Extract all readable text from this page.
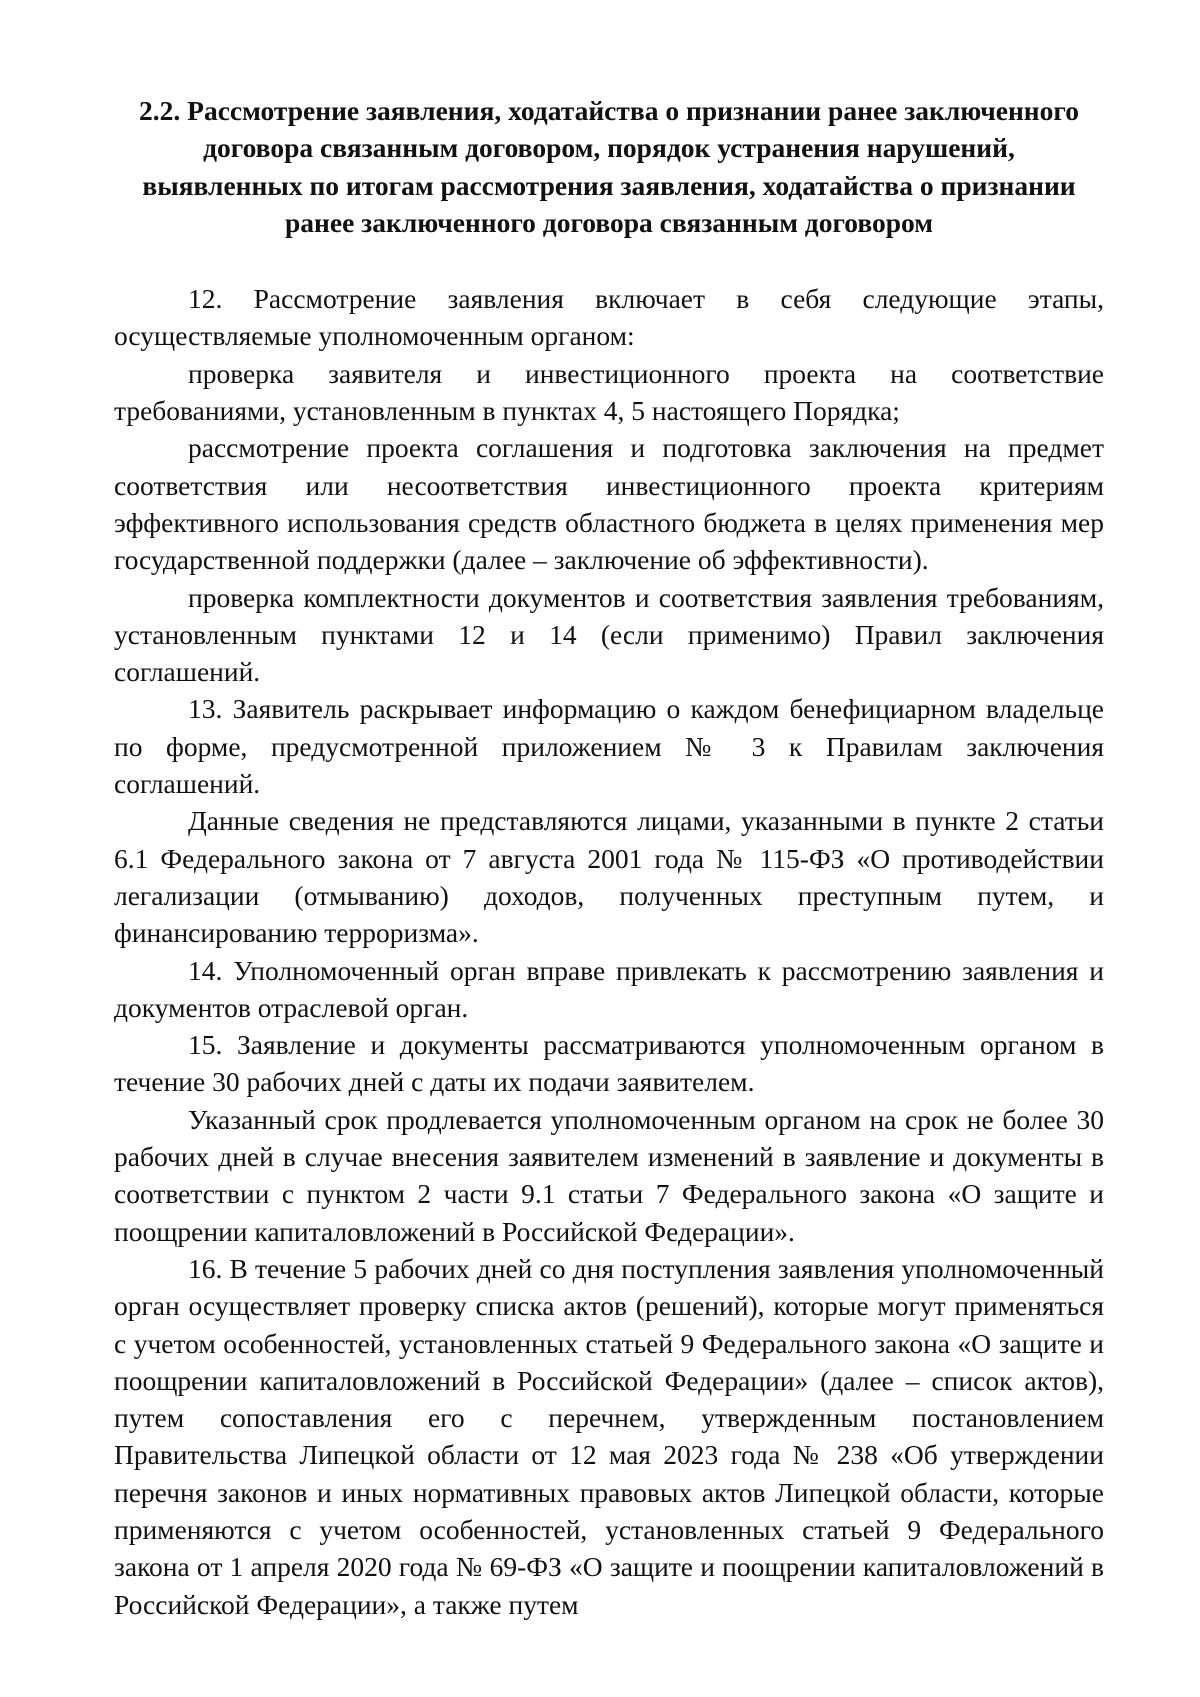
2.2. Рассмотрение заявления, ходатайства о признании ранее заключенного
договора связанным договором, порядок устранения нарушений,
выявленных по итогам рассмотрения заявления, ходатайства о признании
ранее заключенного договора связанным договором

12. Рассмотрение заявления включает в себя следующие этапы, осуществляемые уполномоченным органом:

проверка заявителя и инвестиционного проекта на соответствие требованиями, установленным в пунктах 4, 5 настоящего Порядка;

рассмотрение проекта соглашения и подготовка заключения на предмет соответствия или несоответствия инвестиционного проекта критериям эффективного использования средств областного бюджета в целях применения мер государственной поддержки (далее – заключение об эффективности).

проверка комплектности документов и соответствия заявления требованиям, установленным пунктами 12 и 14 (если применимо) Правил заключения соглашений.

13. Заявитель раскрывает информацию о каждом бенефициарном владельце по форме, предусмотренной приложением № 3 к Правилам заключения соглашений.

Данные сведения не представляются лицами, указанными в пункте 2 статьи 6.1 Федерального закона от 7 августа 2001 года № 115-ФЗ «О противодействии легализации (отмыванию) доходов, полученных преступным путем, и финансированию терроризма».

14. Уполномоченный орган вправе привлекать к рассмотрению заявления и документов отраслевой орган.

15. Заявление и документы рассматриваются уполномоченным органом в течение 30 рабочих дней с даты их подачи заявителем.

Указанный срок продлевается уполномоченным органом на срок не более 30 рабочих дней в случае внесения заявителем изменений в заявление и документы в соответствии с пунктом 2 части 9.1 статьи 7 Федерального закона «О защите и поощрении капиталовложений в Российской Федерации».

16. В течение 5 рабочих дней со дня поступления заявления уполномоченный орган осуществляет проверку списка актов (решений), которые могут применяться с учетом особенностей, установленных статьей 9 Федерального закона «О защите и поощрении капиталовложений в Российской Федерации» (далее – список актов), путем сопоставления его с перечнем, утвержденным постановлением Правительства Липецкой области от 12 мая 2023 года № 238 «Об утверждении перечня законов и иных нормативных правовых актов Липецкой области, которые применяются с учетом особенностей, установленных статьей 9 Федерального закона от 1 апреля 2020 года № 69-ФЗ «О защите и поощрении капиталовложений в Российской Федерации», а также путем
